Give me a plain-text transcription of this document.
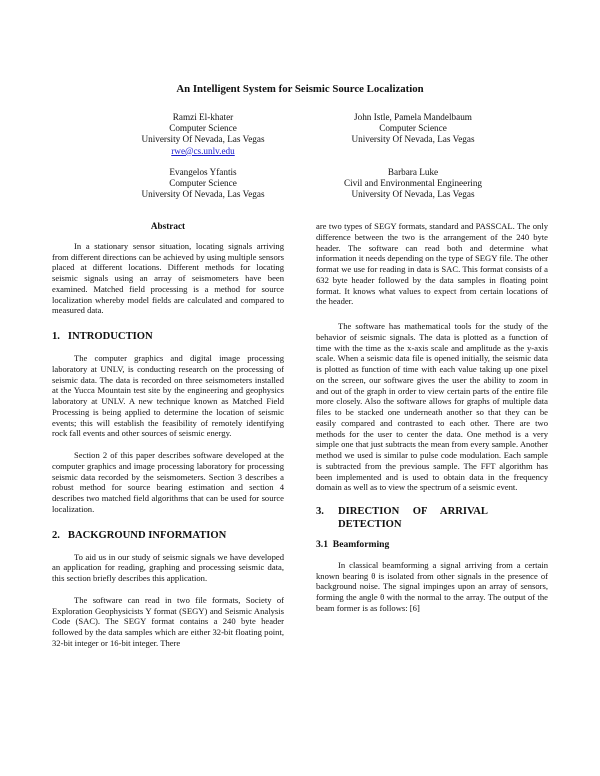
An Intelligent System for Seismic Source Localization
Ramzi El-khater
Computer Science
University Of Nevada, Las Vegas
rwe@cs.unlv.edu
John Istle, Pamela Mandelbaum
Computer Science
University Of Nevada, Las Vegas
Evangelos Yfantis
Computer Science
University Of Nevada, Las Vegas
Barbara Luke
Civil and Environmental Engineering
University Of Nevada, Las Vegas
Abstract

In a stationary sensor situation, locating signals arriving from different directions can be achieved by using multiple sensors placed at different locations. Different methods for locating seismic signals using an array of seismometers have been examined. Matched field processing is a method for source localization whereby model fields are calculated and compared to measured data.

1. INTRODUCTION

The computer graphics and digital image processing laboratory at UNLV, is conducting research on the processing of seismic data. The data is recorded on three seismometers installed at the Yucca Mountain test site by the engineering and geophysics laboratory at UNLV. A new technique known as Matched Field Processing is being applied to determine the location of seismic events; this will establish the feasibility of remotely identifying rock fall events and other sources of seismic energy.

Section 2 of this paper describes software developed at the computer graphics and image processing laboratory for processing seismic data recorded by the seismometers. Section 3 describes a robust method for source bearing estimation and section 4 describes two matched field algorithms that can be used for source localization.

2. BACKGROUND INFORMATION

To aid us in our study of seismic signals we have developed an application for reading, graphing and processing seismic data, this section briefly describes this application.

The software can read in two file formats, Society of Exploration Geophysicists Y format (SEGY) and Seismic Analysis Code (SAC). The SEGY format contains a 240 byte header followed by the data samples which are either 32-bit floating point, 32-bit integer or 16-bit integer. There

are two types of SEGY formats, standard and PASSCAL. The only difference between the two is the arrangement of the 240 byte header. The software can read both and determine what information it needs depending on the type of SEGY file. The other format we use for reading in data is SAC. This format consists of a 632 byte header followed by the data samples in floating point format. It knows what values to expect from certain locations of the header.

The software has mathematical tools for the study of the behavior of seismic signals. The data is plotted as a function of time with the time as the x-axis scale and amplitude as the y-axis scale. When a seismic data file is opened initially, the seismic data is plotted as function of time with each value taking up one pixel on the screen, our software gives the user the ability to zoom in and out of the graph in order to view certain parts of the entire file more closely. Also the software allows for graphs of multiple data files to be stacked one underneath another so that they can be easily compared and contrasted to each other. There are two methods for the user to center the data. One method is a very simple one that just subtracts the mean from every sample. Another method we used is similar to pulse code modulation. Each sample is subtracted from the previous sample. The FFT algorithm has been implemented and is used to obtain data in the frequency domain as well as to view the spectrum of a seismic event.

3.	DIRECTION OF ARRIVAL DETECTION
3.1 Beamforming

In classical beamforming a signal arriving from a certain known bearing θ is isolated from other signals in the presence of background noise. The signal impinges upon an array of sensors, forming the angle θ with the normal to the array. The output of the beam former is as follows: [6]
